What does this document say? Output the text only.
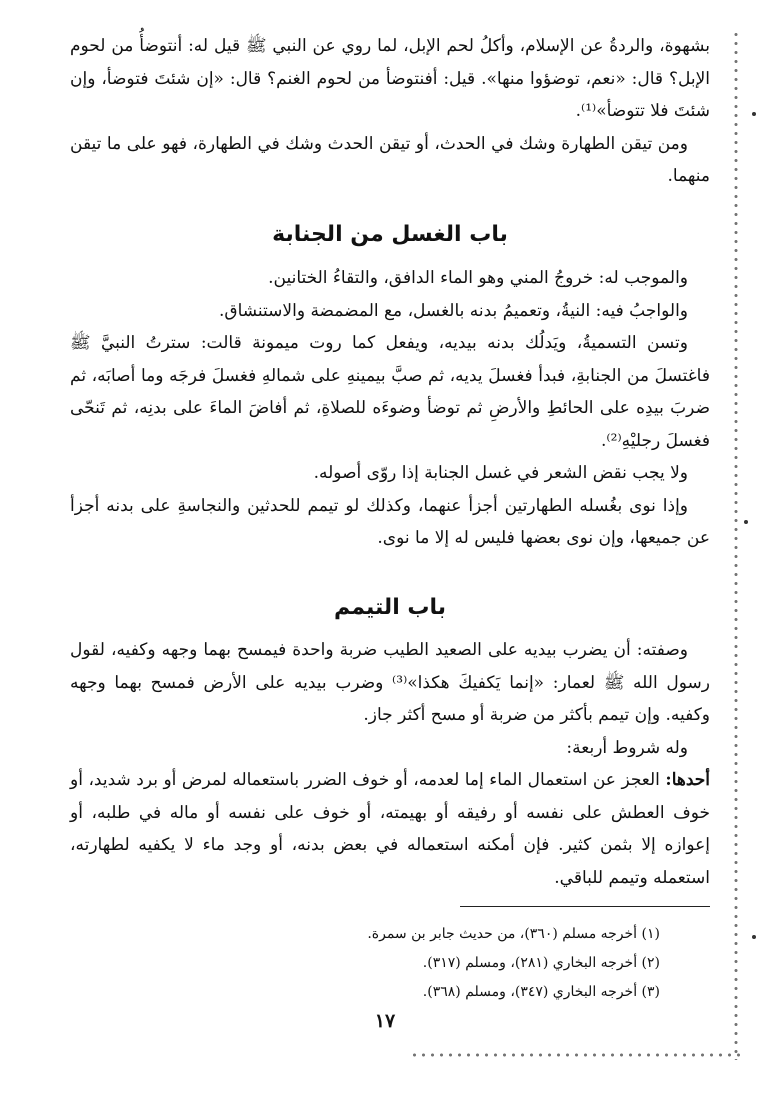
بشهوة، والردةُ عن الإسلام، وأكلُ لحم الإبل، لما روي عن النبي ﷺ قيل له: أنتوضأُ من لحوم الإبل؟ قال: «نعم، توضؤوا منها». قيل: أفنتوضأ من لحوم الغنم؟ قال: «إن شئتَ فتوضأ، وإن شئتَ فلا تتوضأ»⁽¹⁾.

ومن تيقن الطهارة وشك في الحدث، أو تيقن الحدث وشك في الطهارة، فهو على ما تيقن منهما.

باب الغسل من الجنابة

والموجب له: خروجُ المني وهو الماء الدافق، والتقاءُ الختانين.

والواجبُ فيه: النيةُ، وتعميمُ بدنه بالغسل، مع المضمضة والاستنشاق.

وتسن التسميةُ، ويَدلُك بدنه بيديه، ويفعل كما روت ميمونة قالت: سترتُ النبيَّ ﷺ فاغتسلَ من الجنابةِ، فبدأ فغسلَ يديه، ثم صبَّ بيمينهِ على شمالهِ فغسلَ فرجَه وما أصابَه، ثم ضربَ بيدِه على الحائطِ والأرضِ ثم توضأ وضوءَه للصلاةِ، ثم أفاضَ الماءَ على بدنِه، ثم تَنحّى فغسلَ رجليْهِ⁽²⁾.

ولا يجب نقض الشعر في غسل الجنابة إذا روّى أصوله.

وإذا نوى بغُسله الطهارتين أجزأ عنهما، وكذلك لو تيمم للحدثين والنجاسةِ على بدنه أجزأ عن جميعها، وإن نوى بعضها فليس له إلا ما نوى.

باب التيمم

وصفته: أن يضرب بيديه على الصعيد الطيب ضربة واحدة فيمسح بهما وجهه وكفيه، لقول رسول الله ﷺ لعمار: «إنما يَكفيكَ هكذا»⁽³⁾ وضرب بيديه على الأرض فمسح بهما وجهه وكفيه. وإن تيمم بأكثر من ضربة أو مسح أكثر جاز.

وله شروط أربعة:

أحدها: العجز عن استعمال الماء إما لعدمه، أو خوف الضرر باستعماله لمرض أو برد شديد، أو خوف العطش على نفسه أو رفيقه أو بهيمته، أو خوف على نفسه أو ماله في طلبه، أو إعوازه إلا بثمن كثير. فإن أمكنه استعماله في بعض بدنه، أو وجد ماء لا يكفيه لطهارته، استعمله وتيمم للباقي.

(١) أخرجه مسلم (٣٦٠)، من حديث جابر بن سمرة.

(٢) أخرجه البخاري (٢٨١)، ومسلم (٣١٧).

(٣) أخرجه البخاري (٣٤٧)، ومسلم (٣٦٨).

١٧
